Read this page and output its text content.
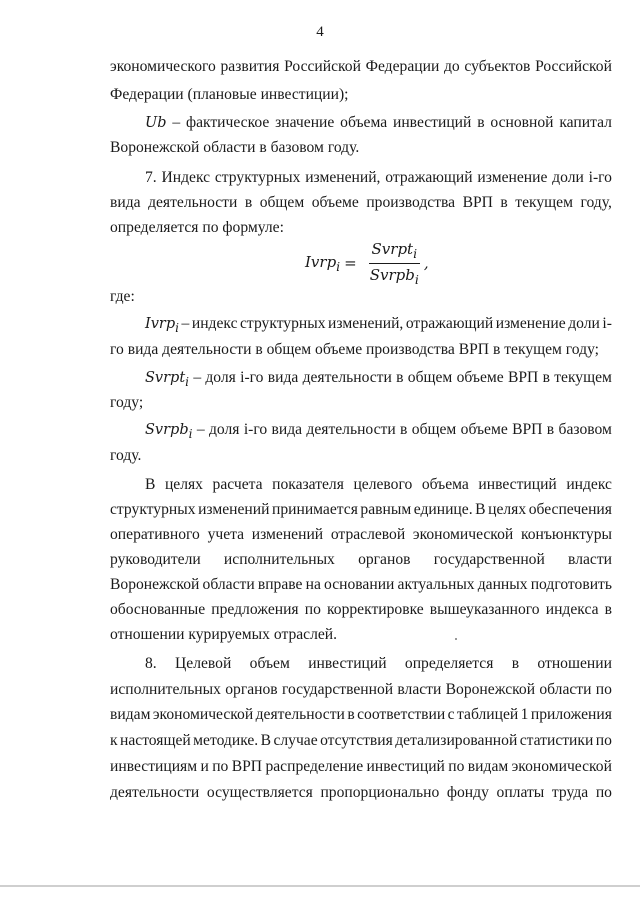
4
экономического развития Российской Федерации до субъектов Российской
Федерации (плановые инвестиции);
Ub – фактическое значение объема инвестиций в основной капитал
Воронежской области в базовом году.
7. Индекс структурных изменений, отражающий изменение доли i-го
вида деятельности в общем объеме производства ВРП в текущем году,
определяется по формуле:
Ivrp$_i$ = $\frac{Svrpt_i}{Svrpb_i}$ ,
где:
Ivrp$_i$ – индекс структурных изменений, отражающий изменение доли i-
го вида деятельности в общем объеме производства ВРП в текущем году;
Svrpt$_i$ – доля i-го вида деятельности в общем объеме ВРП в текущем
году;
Svrpb$_i$ – доля i-го вида деятельности в общем объеме ВРП в базовом
году.
В целях расчета показателя целевого объема инвестиций индекс
структурных изменений принимается равным единице. В целях обеспечения
оперативного учета изменений отраслевой экономической конъюнктуры
руководители исполнительных органов государственной власти
Воронежской области вправе на основании актуальных данных подготовить
обоснованные предложения по корректировке вышеуказанного индекса в
отношении курируемых отраслей.
8. Целевой объем инвестиций определяется в отношении
исполнительных органов государственной власти Воронежской области по
видам экономической деятельности в соответствии с таблицей 1 приложения
к настоящей методике. В случае отсутствия детализированной статистики по
инвестициям и по ВРП распределение инвестиций по видам экономической
деятельности осуществляется пропорционально фонду оплаты труда по
